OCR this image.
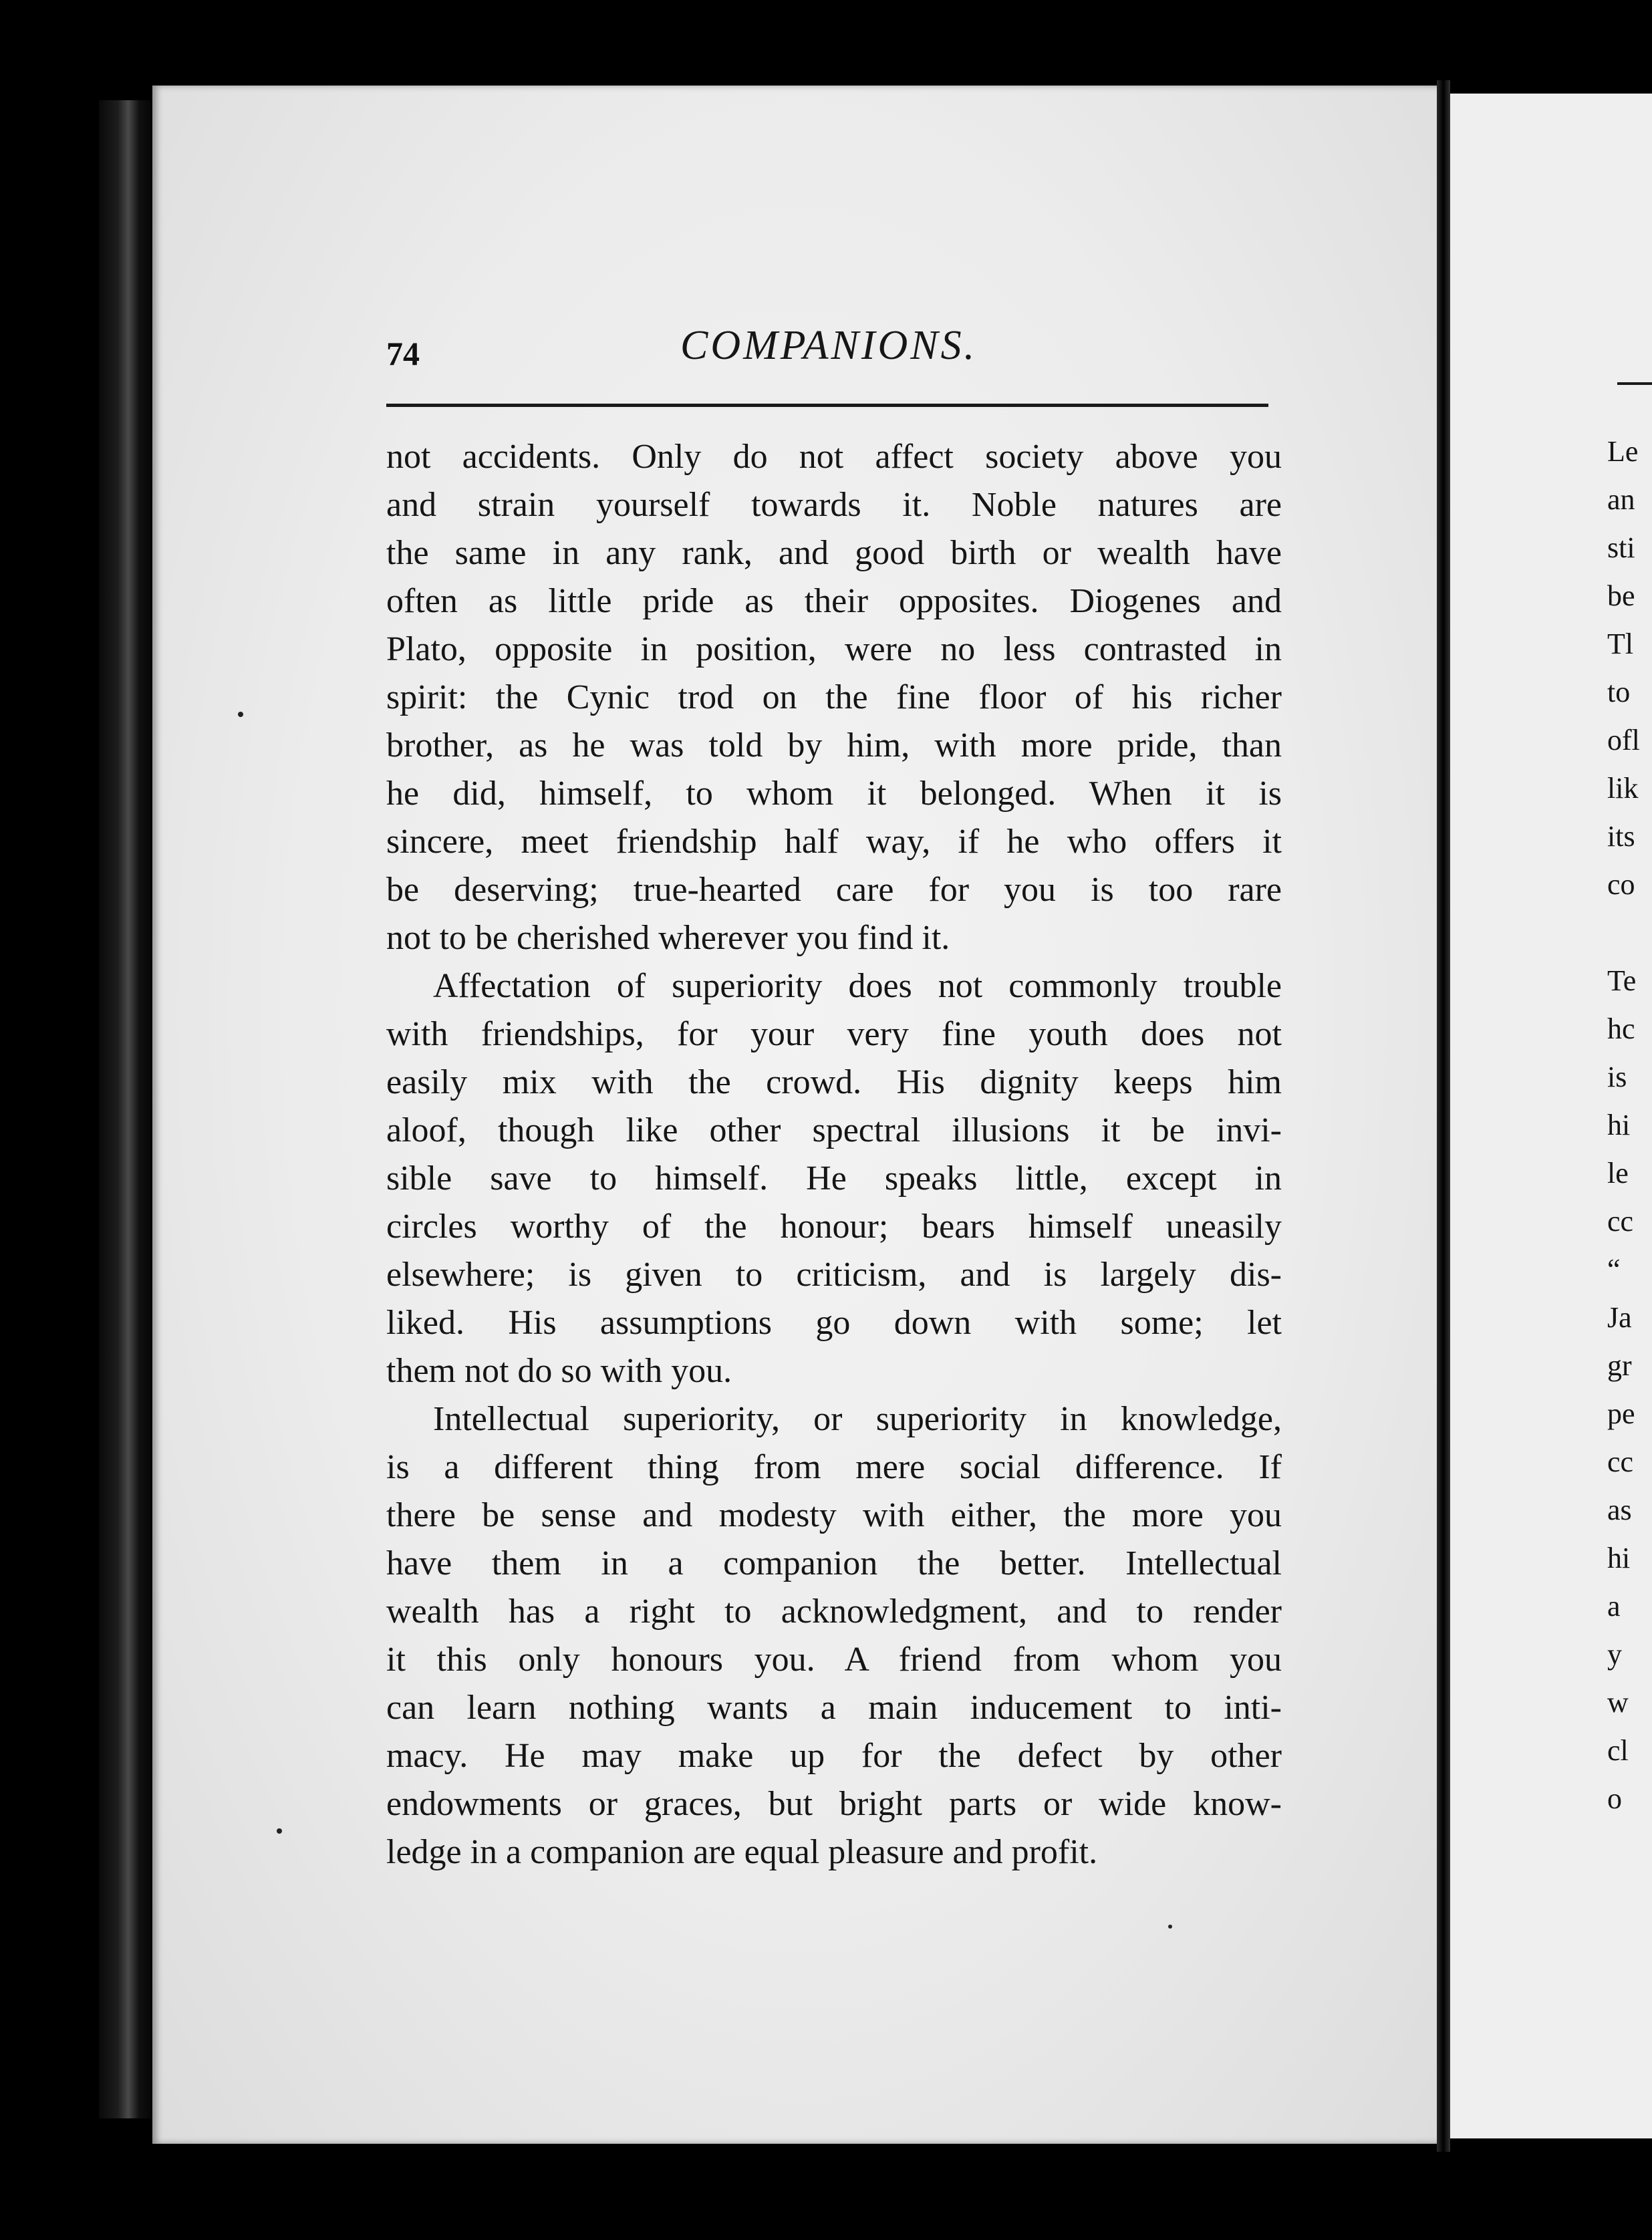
74	COMPANIONS.
not accidents. Only do not affect society above you
and strain yourself towards it. Noble natures are
the same in any rank, and good birth or wealth have
often as little pride as their opposites. Diogenes and
Plato, opposite in position, were no less contrasted in
spirit: the Cynic trod on the fine floor of his richer
brother, as he was told by him, with more pride, than
he did, himself, to whom it belonged. When it is
sincere, meet friendship half way, if he who offers it
be deserving; true-hearted care for you is too rare
not to be cherished wherever you find it.
Affectation of superiority does not commonly trouble
with friendships, for your very fine youth does not
easily mix with the crowd. His dignity keeps him
aloof, though like other spectral illusions it be invi-
sible save to himself. He speaks little, except in
circles worthy of the honour; bears himself uneasily
elsewhere; is given to criticism, and is largely dis-
liked. His assumptions go down with some; let
them not do so with you.
Intellectual superiority, or superiority in knowledge,
is a different thing from mere social difference. If
there be sense and modesty with either, the more you
have them in a companion the better. Intellectual
wealth has a right to acknowledgment, and to render
it this only honours you. A friend from whom you
can learn nothing wants a main inducement to inti-
macy. He may make up for the defect by other
endowments or graces, but bright parts or wide know-
ledge in a companion are equal pleasure and profit.
Le
an
sti
be
Tl
to
ofl
lik
its
co
Te
hc
is
hi
le
cc
“
Ja
gr
pe
cc
as
hi
a
y
w
cl
o
